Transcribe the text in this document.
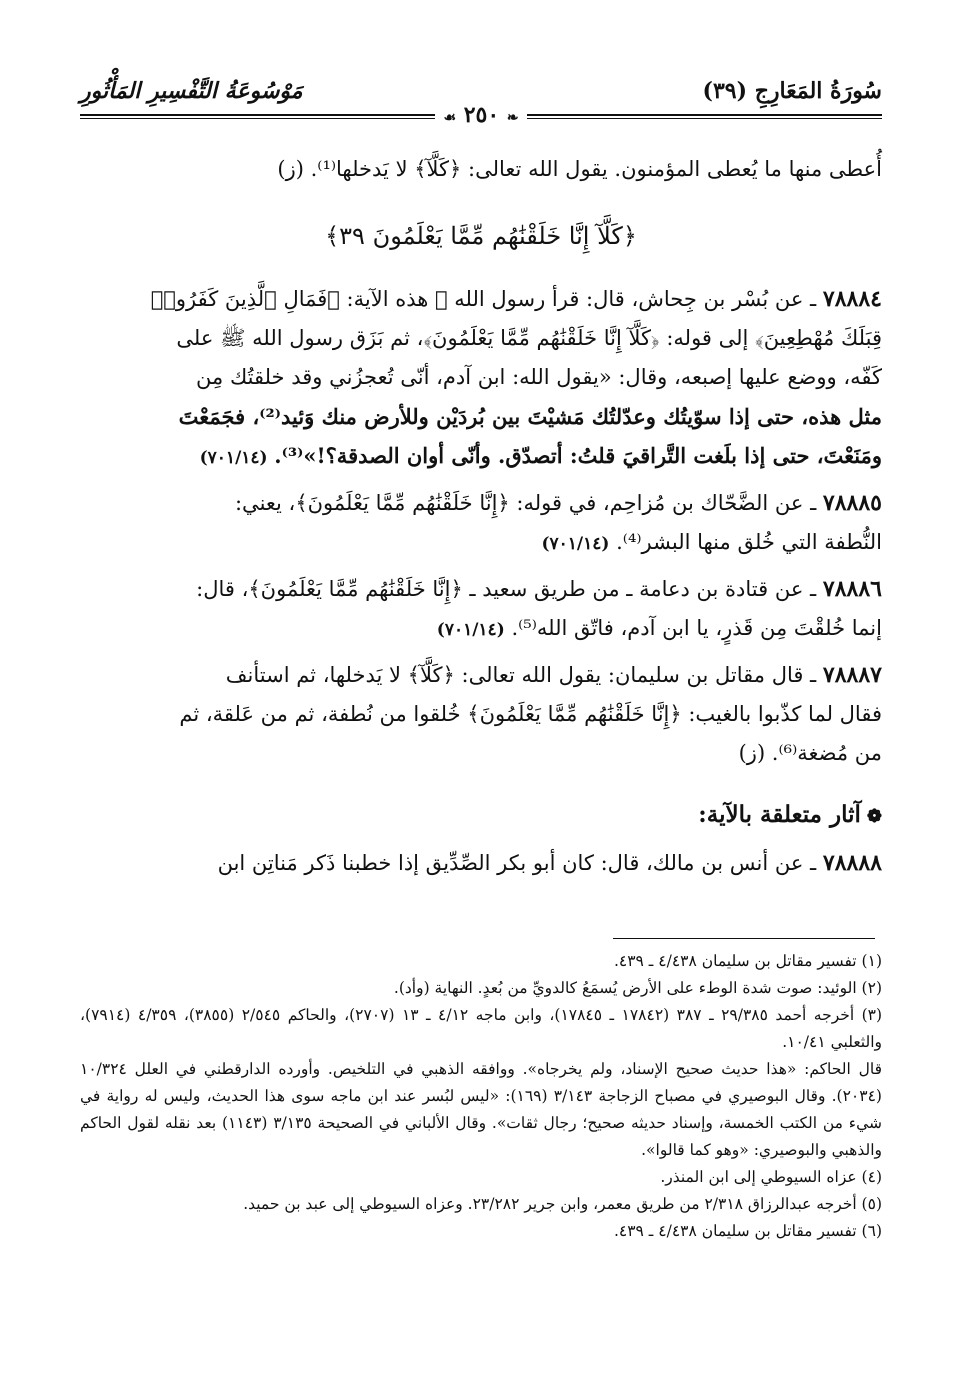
سُورَةُ المَعَارِجِ (٣٩)
مَوْسُوعَةُ التَّفْسِيرِ المَأْثُورِ
❧ ٢٥٠ ☙
أُعطى منها ما يُعطى المؤمنون. يقول الله تعالى: ﴿كَلَّآ﴾ لا يَدخلها⁽¹⁾. (ز)
﴿كَلَّآ إِنَّا خَلَقْنَٰهُم مِّمَّا يَعْلَمُونَ ٣٩﴾
٧٨٨٨٤ ـ عن بُسْر بن جِحاش، قال: قرأ رسول الله ﷺ هذه الآية: ﴿فَمَالِ ٱلَّذِينَ كَفَرُوا۟
قِبَلَكَ مُهْطِعِينَ﴾ إلى قوله: ﴿كَلَّآ إِنَّا خَلَقْنَٰهُم مِّمَّا يَعْلَمُونَ﴾، ثم بَزَق رسول الله ﷺ على
كَفّه، ووضع عليها إصبعه، وقال: «يقول الله: ابن آدم، أنّى تُعجزُني وقد خلقتُك مِن
مثل هذه، حتى إذا سوّيتُك وعدّلتُك مَشيْتَ بين بُردَيْن وللأرض منك وَئيد⁽²⁾، فجَمَعْتَ
ومَنَعْتَ، حتى إذا بلَغت التَّراقيَ قلتُ: أتصدّق. وأنّى أوان الصدقة؟!»⁽³⁾. (٧٠١/١٤)
٧٨٨٨٥ ـ عن الضَّحّاك بن مُزاحِم، في قوله: ﴿إِنَّا خَلَقْنَٰهُم مِّمَّا يَعْلَمُونَ﴾، يعني:
النُّطفة التي خُلق منها البشر⁽⁴⁾. (٧٠١/١٤)
٧٨٨٨٦ ـ عن قتادة بن دعامة ـ من طريق سعيد ـ ﴿إِنَّا خَلَقْنَٰهُم مِّمَّا يَعْلَمُونَ﴾، قال:
إنما خُلقْتَ مِن قَذرٍ، يا ابن آدم، فاتّق الله⁽⁵⁾. (٧٠١/١٤)
٧٨٨٨٧ ـ قال مقاتل بن سليمان: يقول الله تعالى: ﴿كَلَّآ﴾ لا يَدخلها، ثم استأنف
فقال لما كذّبوا بالغيب: ﴿إِنَّا خَلَقْنَٰهُم مِّمَّا يَعْلَمُونَ﴾ خُلقوا من نُطفة، ثم من عَلقة، ثم
من مُضغة⁽⁶⁾. (ز)
❁آثار متعلقة بالآية:
٧٨٨٨٨ ـ عن أنس بن مالك، قال: كان أبو بكر الصِّدِّيق إذا خطبنا ذَكر مَناتِن ابن
(١) تفسير مقاتل بن سليمان ٤/٤٣٨ ـ ٤٣٩.
(٢) الوئيد: صوت شدة الوطء على الأرض يُسمَعُ كالدويِّ من بُعدٍ. النهاية (وأد).
(٣) أخرجه أحمد ٢٩/٣٨٥ ـ ٣٨٧ (١٧٨٤٢ ـ ١٧٨٤٥)، وابن ماجه ٤/١٢ ـ ١٣ (٢٧٠٧)، والحاكم ٢/٥٤٥ (٣٨٥٥)، ٤/٣٥٩ (٧٩١٤)، والثعلبي ١٠/٤١.
قال الحاكم: «هذا حديث صحيح الإسناد، ولم يخرجاه». ووافقه الذهبي في التلخيص. وأورده الدارقطني في العلل ١٠/٣٢٤ (٢٠٣٤). وقال البوصيري في مصباح الزجاجة ٣/١٤٣ (١٦٩): «ليس لبُسر عند ابن ماجه سوى هذا الحديث، وليس له رواية في شيء من الكتب الخمسة، وإسناد حديثه صحيح؛ رجال ثقات». وقال الألباني في الصحيحة ٣/١٣٥ (١١٤٣) بعد نقله لقول الحاكم والذهبي والبوصيري: «وهو كما قالوا».
(٤) عزاه السيوطي إلى ابن المنذر.
(٥) أخرجه عبدالرزاق ٢/٣١٨ من طريق معمر، وابن جرير ٢٣/٢٨٢. وعزاه السيوطي إلى عبد بن حميد.
(٦) تفسير مقاتل بن سليمان ٤/٤٣٨ ـ ٤٣٩.
